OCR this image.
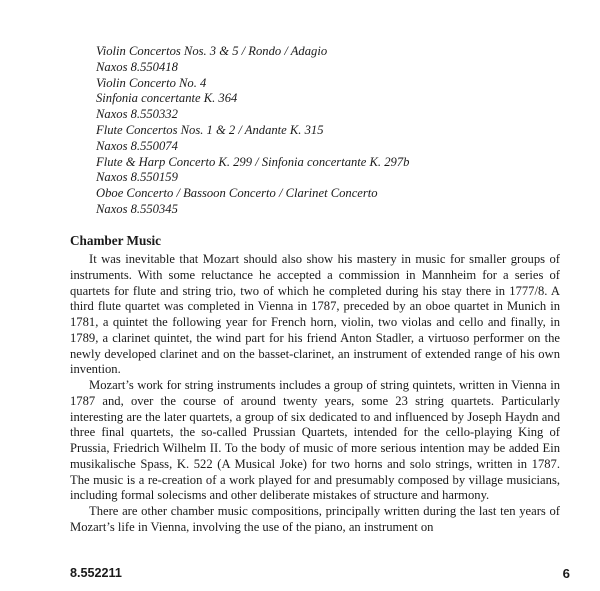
Violin Concertos Nos. 3 & 5 / Rondo / Adagio
Naxos 8.550418
Violin Concerto No. 4
Sinfonia concertante K. 364
Naxos 8.550332
Flute Concertos Nos. 1 & 2 / Andante K. 315
Naxos 8.550074
Flute & Harp Concerto K. 299 / Sinfonia concertante K. 297b
Naxos 8.550159
Oboe Concerto / Bassoon Concerto / Clarinet Concerto
Naxos 8.550345
Chamber Music

It was inevitable that Mozart should also show his mastery in music for smaller groups of instruments. With some reluctance he accepted a commission in Mannheim for a series of quartets for flute and string trio, two of which he completed during his stay there in 1777/8. A third flute quartet was completed in Vienna in 1787, preceded by an oboe quartet in Munich in 1781, a quintet the following year for French horn, violin, two violas and cello and finally, in 1789, a clarinet quintet, the wind part for his friend Anton Stadler, a virtuoso performer on the newly developed clarinet and on the basset-clarinet, an instrument of extended range of his own invention.

Mozart’s work for string instruments includes a group of string quintets, written in Vienna in 1787 and, over the course of around twenty years, some 23 string quartets. Particularly interesting are the later quartets, a group of six dedicated to and influenced by Joseph Haydn and three final quartets, the so-called Prussian Quartets, intended for the cello-playing King of Prussia, Friedrich Wilhelm II. To the body of music of more serious intention may be added Ein musikalische Spass, K. 522 (A Musical Joke) for two horns and solo strings, written in 1787. The music is a re-creation of a work played for and presumably composed by village musicians, including formal solecisms and other deliberate mistakes of structure and harmony.

There are other chamber music compositions, principally written during the last ten years of Mozart’s life in Vienna, involving the use of the piano, an instrument on

8.552211	6
